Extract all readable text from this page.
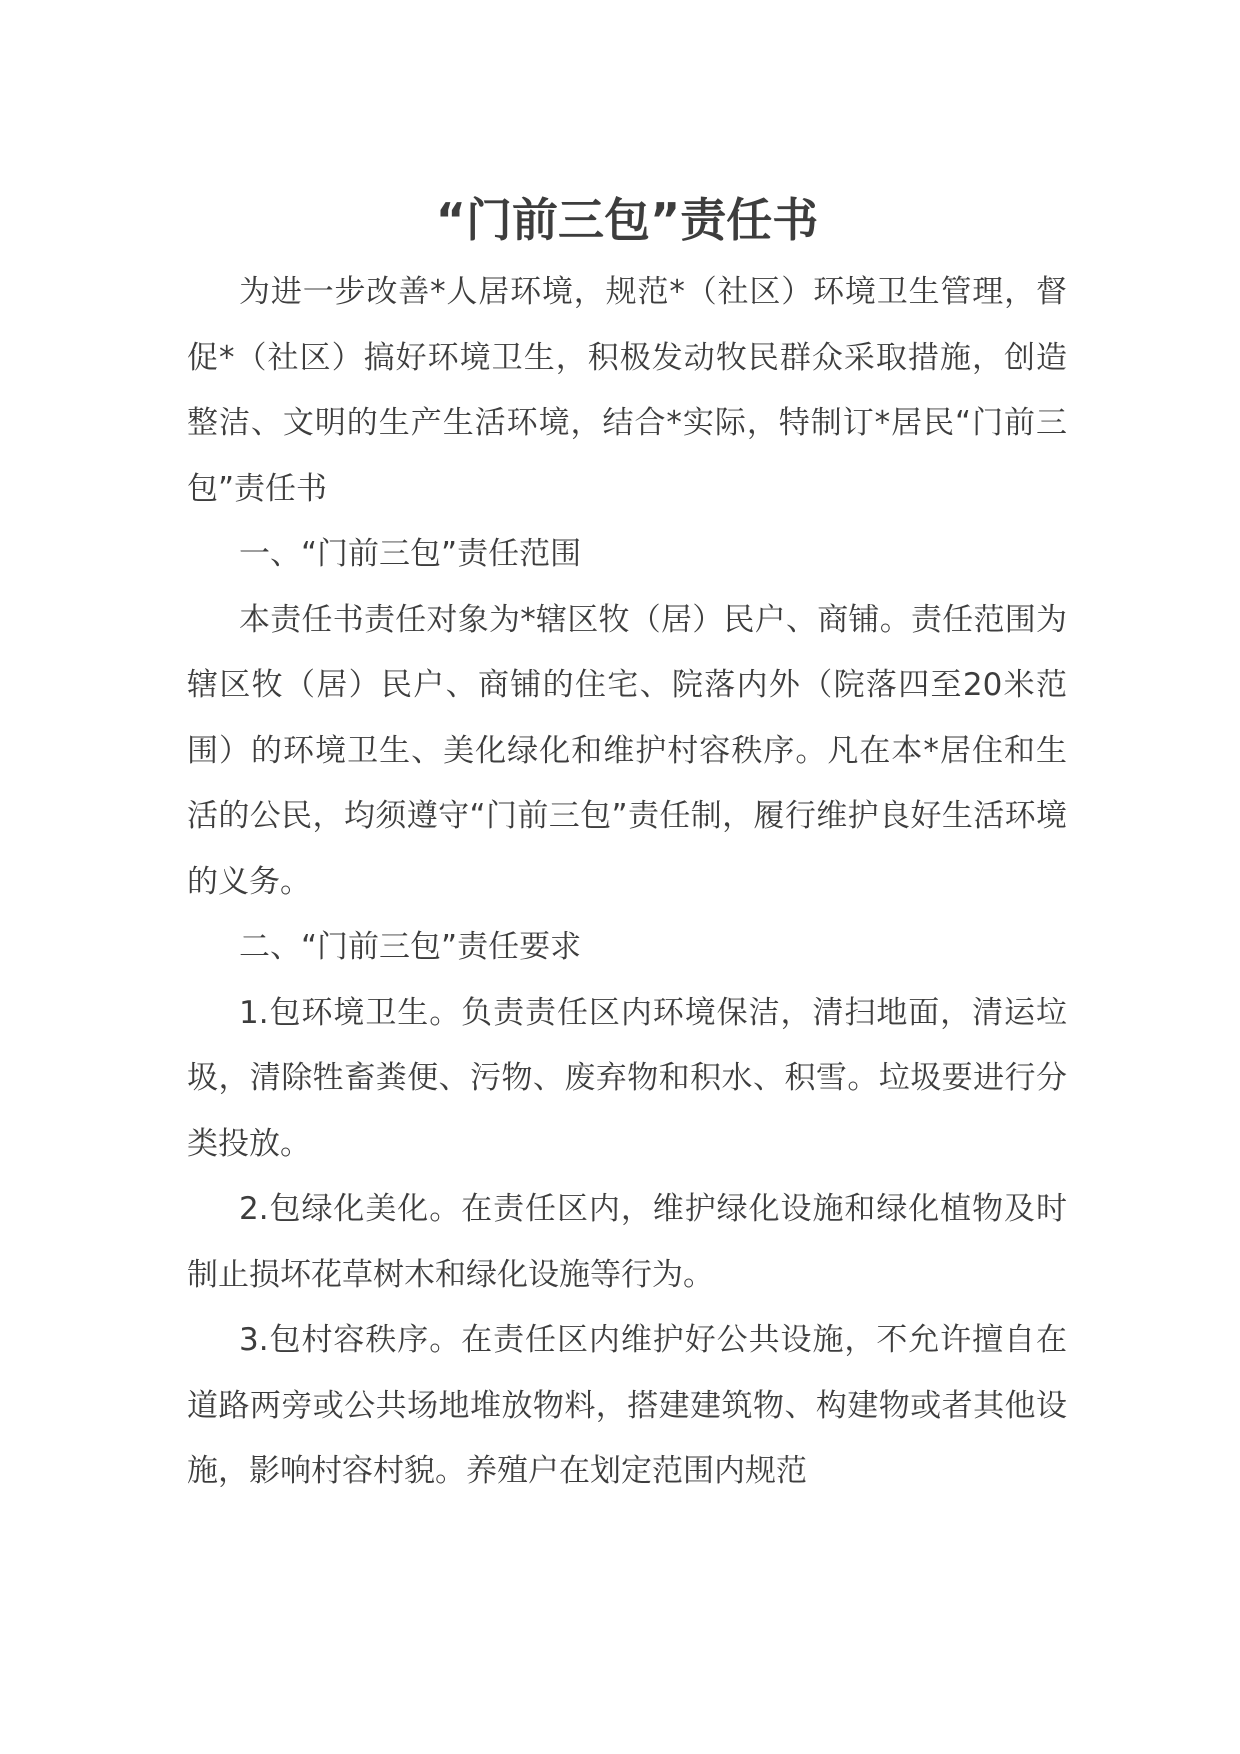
“门前三包”责任书

为进一步改善*人居环境，规范*（社区）环境卫生管理，督促*（社区）搞好环境卫生，积极发动牧民群众采取措施，创造整洁、文明的生产生活环境，结合*实际，特制订*居民“门前三包”责任书

一、“门前三包”责任范围

本责任书责任对象为*辖区牧（居）民户、商铺。责任范围为辖区牧（居）民户、商铺的住宅、院落内外（院落四至20米范围）的环境卫生、美化绿化和维护村容秩序。凡在本*居住和生活的公民，均须遵守“门前三包”责任制，履行维护良好生活环境的义务。

二、“门前三包”责任要求

1.包环境卫生。负责责任区内环境保洁，清扫地面，清运垃圾，清除牲畜粪便、污物、废弃物和积水、积雪。垃圾要进行分类投放。

2.包绿化美化。在责任区内，维护绿化设施和绿化植物及时制止损坏花草树木和绿化设施等行为。

3.包村容秩序。在责任区内维护好公共设施，不允许擅自在道路两旁或公共场地堆放物料，搭建建筑物、构建物或者其他设施，影响村容村貌。养殖户在划定范围内规范
